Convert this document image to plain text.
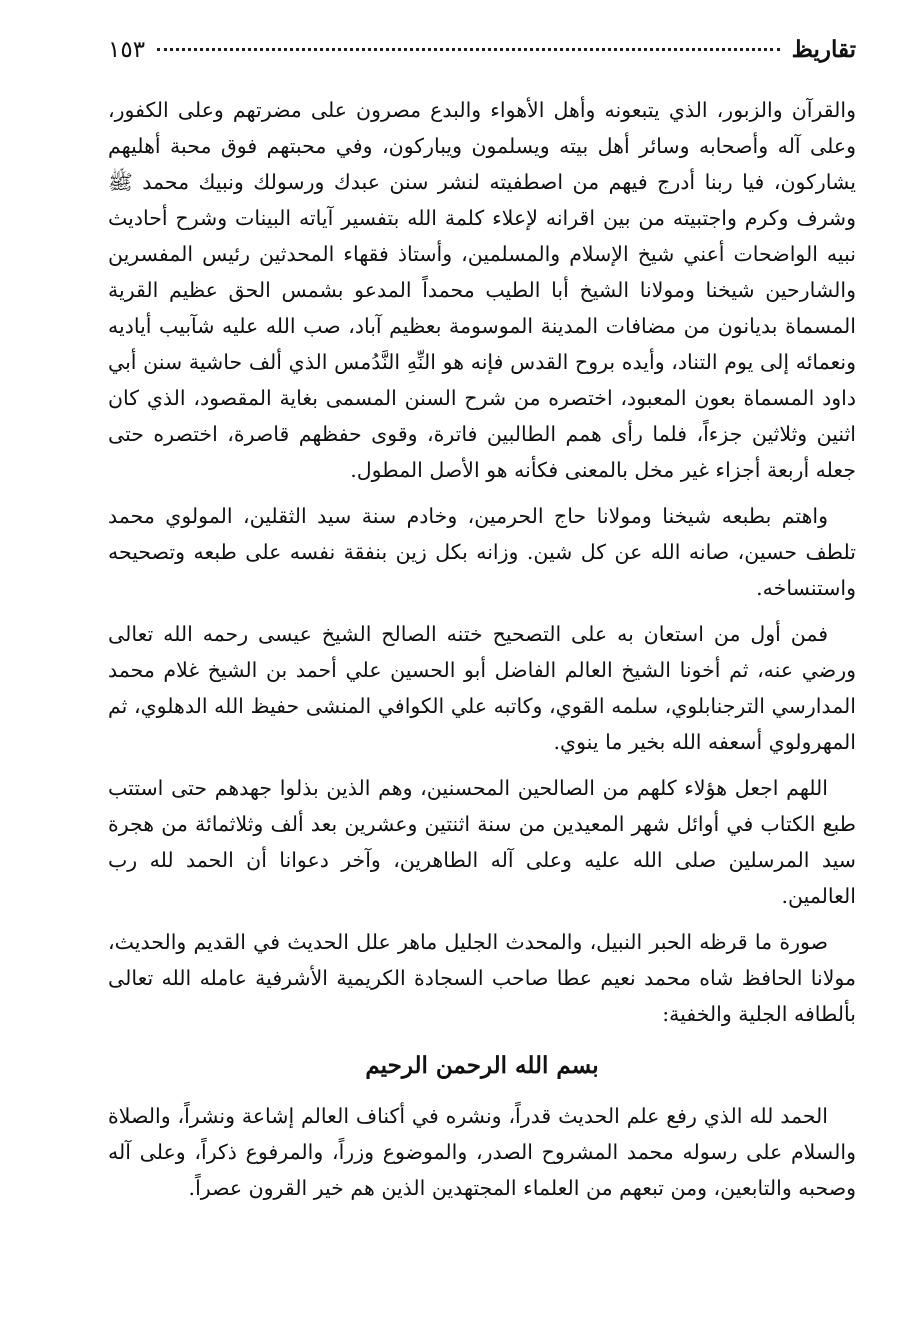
تقاريظ
١٥٣

والقرآن والزبور، الذي يتبعونه وأهل الأهواء والبدع مصرون على مضرتهم وعلى الكفور، وعلى آله وأصحابه وسائر أهل بيته ويسلمون ويباركون، وفي محبتهم فوق محبة أهليهم يشاركون، فيا ربنا أدرج فيهم من اصطفيته لنشر سنن عبدك ورسولك ونبيك محمد ﷺ وشرف وكرم واجتبيته من بين اقرانه لإعلاء كلمة الله بتفسير آياته البينات وشرح أحاديث نبيه الواضحات أعني شيخ الإسلام والمسلمين، وأستاذ فقهاء المحدثين رئيس المفسرين والشارحين شيخنا ومولانا الشيخ أبا الطيب محمداً المدعو بشمس الحق عظيم القرية المسماة بديانون من مضافات المدينة الموسومة بعظيم آباد، صب الله عليه شآبيب أياديه ونعمائه إلى يوم التناد، وأيده بروح القدس فإنه هو النِّهِ النَّدُمس الذي ألف حاشية سنن أبي داود المسماة بعون المعبود، اختصره من شرح السنن المسمى بغاية المقصود، الذي كان اثنين وثلاثين جزءاً، فلما رأى همم الطالبين فاترة، وقوى حفظهم قاصرة، اختصره حتى جعله أربعة أجزاء غير مخل بالمعنى فكأنه هو الأصل المطول.

واهتم بطبعه شيخنا ومولانا حاج الحرمين، وخادم سنة سيد الثقلين، المولوي محمد تلطف حسين، صانه الله عن كل شين. وزانه بكل زين بنفقة نفسه على طبعه وتصحيحه واستنساخه.

فمن أول من استعان به على التصحيح ختنه الصالح الشيخ عيسى رحمه الله تعالى ورضي عنه، ثم أخونا الشيخ العالم الفاضل أبو الحسين علي أحمد بن الشيخ غلام محمد المدارسي الترجنابلوي، سلمه القوي، وكاتبه علي الكوافي المنشى حفيظ الله الدهلوي، ثم المهرولوي أسعفه الله بخير ما ينوي.

اللهم اجعل هؤلاء كلهم من الصالحين المحسنين، وهم الذين بذلوا جهدهم حتى استتب طبع الكتاب في أوائل شهر المعيدين من سنة اثنتين وعشرين بعد ألف وثلاثمائة من هجرة سيد المرسلين صلى الله عليه وعلى آله الطاهرين، وآخر دعوانا أن الحمد لله رب العالمين.

صورة ما قرظه الحبر النبيل، والمحدث الجليل ماهر علل الحديث في القديم والحديث، مولانا الحافظ شاه محمد نعيم عطا صاحب السجادة الكريمية الأشرفية عامله الله تعالى بألطافه الجلية والخفية:

بسم الله الرحمن الرحيم

الحمد لله الذي رفع علم الحديث قدراً، ونشره في أكناف العالم إشاعة ونشراً، والصلاة والسلام على رسوله محمد المشروح الصدر، والموضوع وزراً، والمرفوع ذكراً، وعلى آله وصحبه والتابعين، ومن تبعهم من العلماء المجتهدين الذين هم خير القرون عصراً.
